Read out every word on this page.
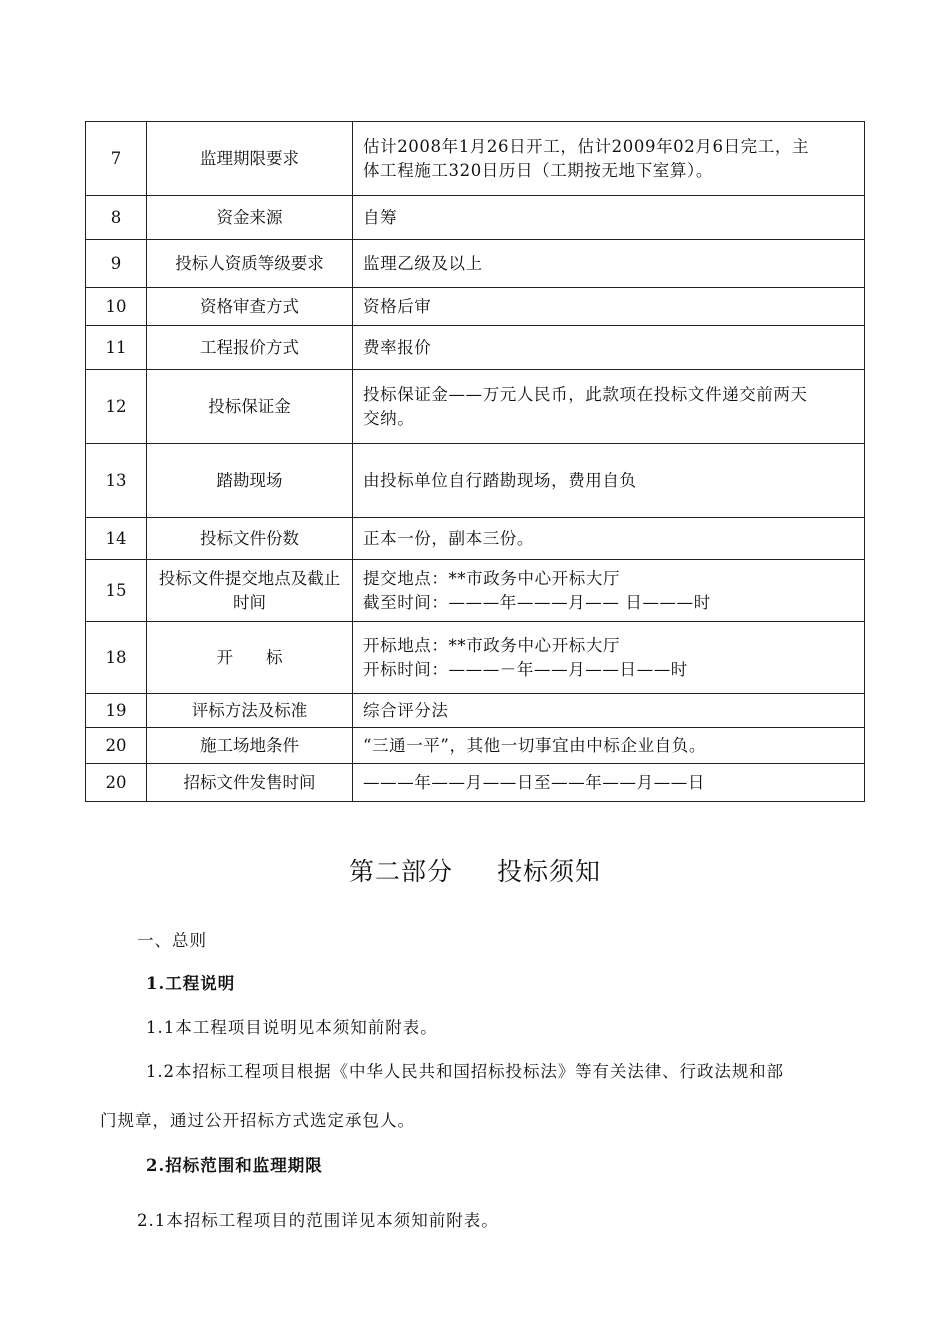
7	监理期限要求	估计2008年1月26日开工，估计2009年02月6日完工，主
体工程施工320日历日（工期按无地下室算）。

8	资金来源	自筹

9	投标人资质等级要求	监理乙级及以上

10	资格审查方式	资格后审

11	工程报价方式	费率报价

12	投标保证金	投标保证金——万元人民币，此款项在投标文件递交前两天
交纳。

13	踏勘现场	由投标单位自行踏勘现场，费用自负

14	投标文件份数	正本一份，副本三份。

15	投标文件提交地点及截止时间	提交地点：**市政务中心开标大厅
截至时间：———年———月—— 日———时

18	开　　标	开标地点：**市政务中心开标大厅
开标时间：———－年——月——日——时

19	评标方法及标准	综合评分法

20	施工场地条件	“三通一平”，其他一切事宜由中标企业自负。

20	招标文件发售时间	———年——月——日至——年——月——日
第二部分 投标须知
一、总则
1.工程说明
1.1本工程项目说明见本须知前附表。
1.2本招标工程项目根据《中华人民共和国招标投标法》等有关法律、行政法规和部
门规章，通过公开招标方式选定承包人。
2.招标范围和监理期限
2.1本招标工程项目的范围详见本须知前附表。
